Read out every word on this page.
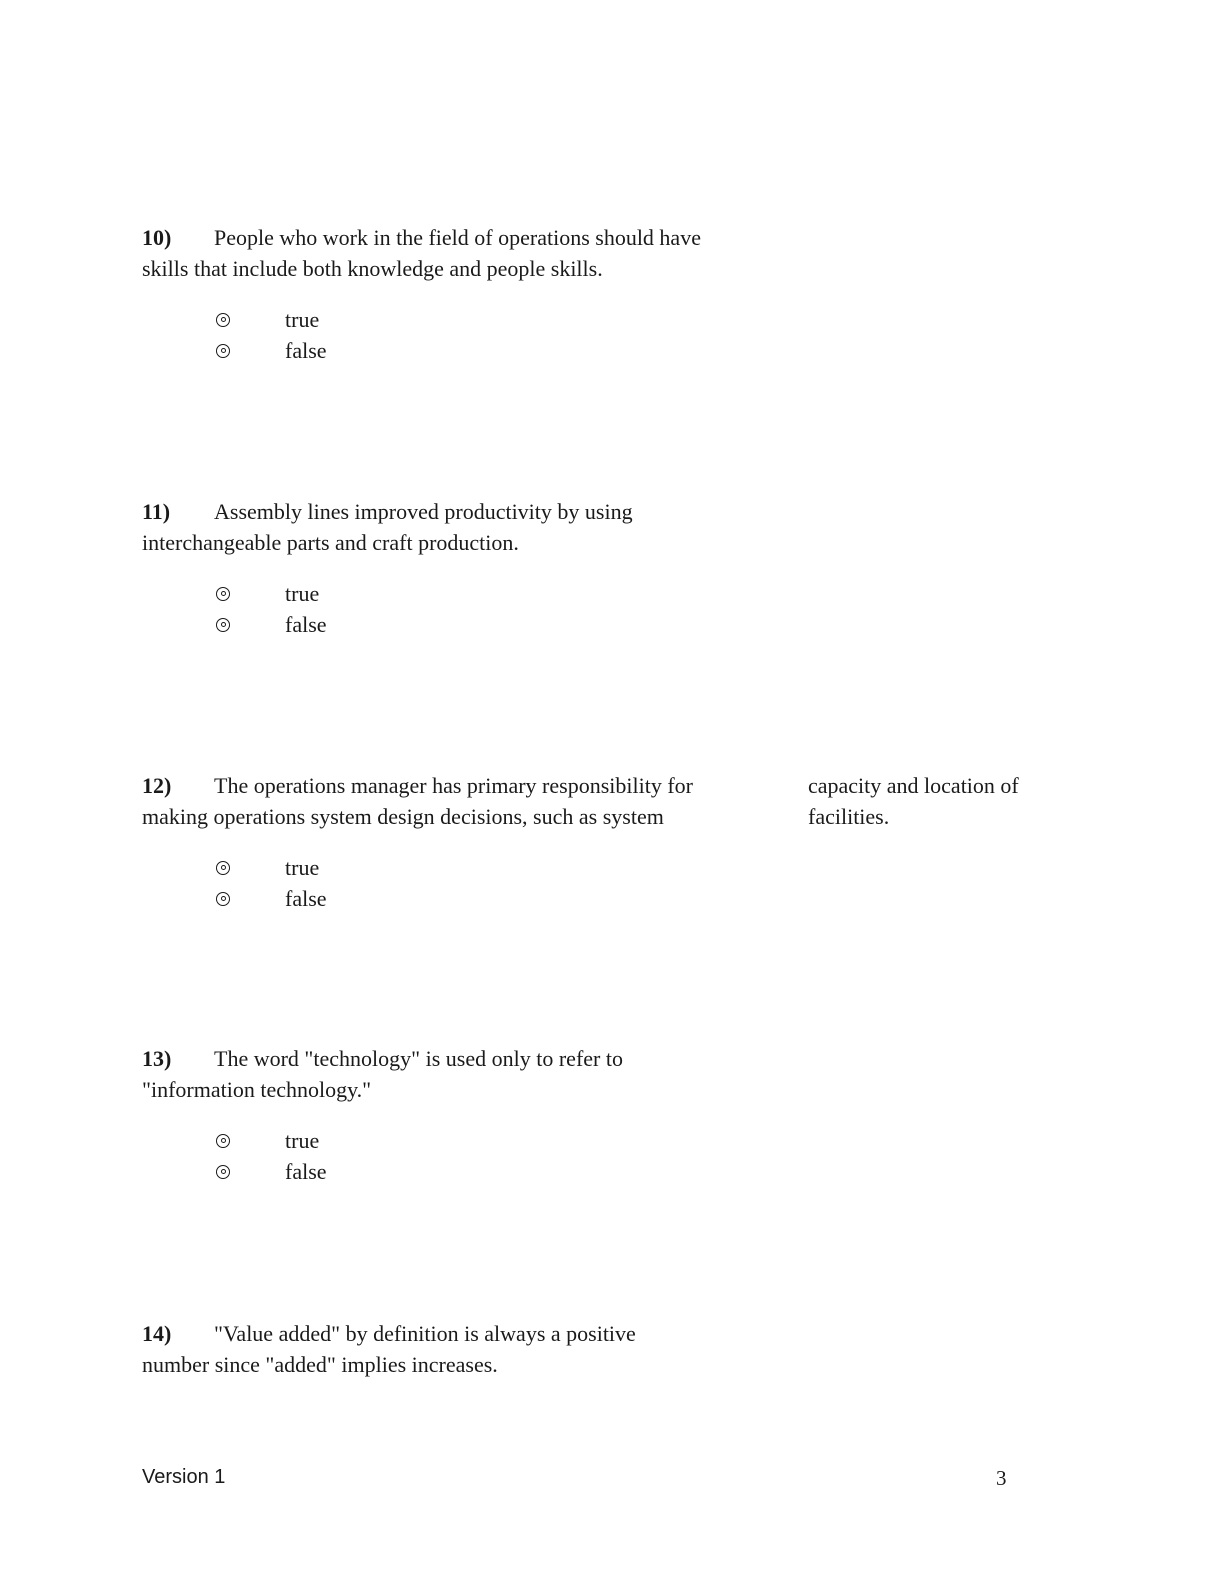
10) People who work in the field of operations should have skills that include both knowledge and people skills.
true
false
11) Assembly lines improved productivity by using interchangeable parts and craft production.
true
false
12) The operations manager has primary responsibility for making operations system design decisions, such as system
capacity and location of facilities.
true
false
13) The word "technology" is used only to refer to "information technology."
true
false
14) "Value added" by definition is always a positive number since "added" implies increases.
Version 1	3
